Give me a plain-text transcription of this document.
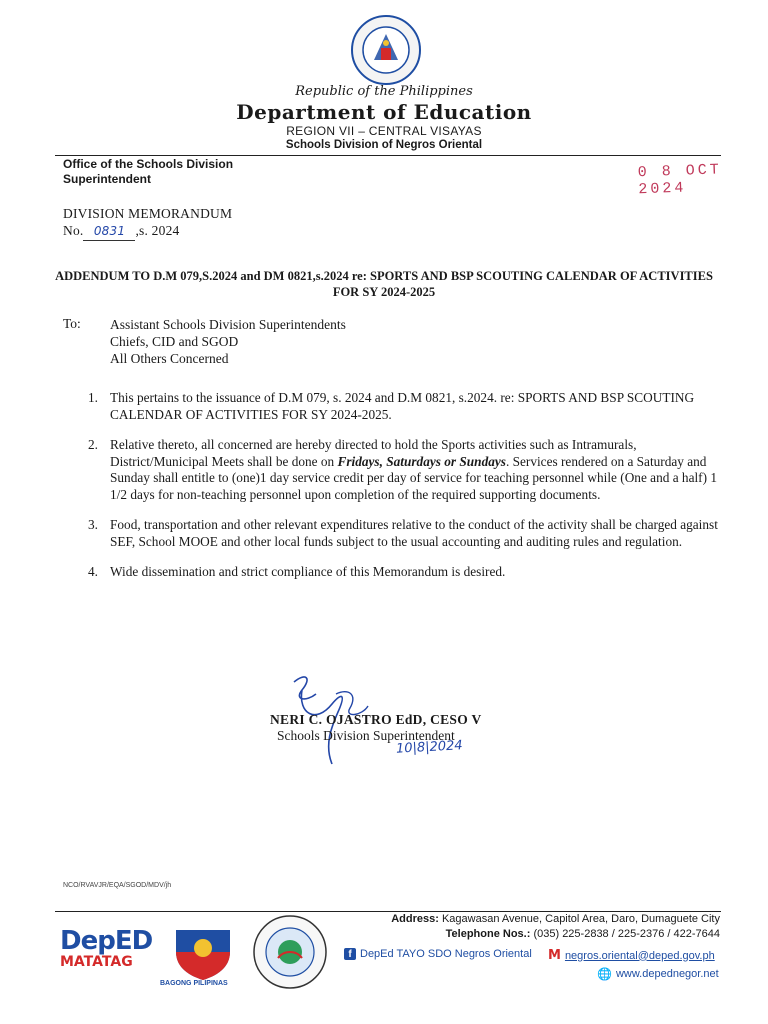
Republic of the Philippines
Department of Education
REGION VII – CENTRAL VISAYAS
Schools Division of Negros Oriental
Office of the Schools Division
Superintendent	0 8 OCT 2024
DIVISION MEMORANDUM
No. 0831 ,s. 2024
ADDENDUM TO D.M 079,S.2024 and DM 0821,s.2024 re: SPORTS AND BSP SCOUTING CALENDAR OF ACTIVITIES FOR SY 2024-2025
To: Assistant Schools Division Superintendents
Chiefs, CID and SGOD
All Others Concerned
1. This pertains to the issuance of D.M 079, s. 2024 and D.M 0821, s.2024. re: SPORTS AND BSP SCOUTING CALENDAR OF ACTIVITIES FOR SY 2024-2025.
2. Relative thereto, all concerned are hereby directed to hold the Sports activities such as Intramurals, District/Municipal Meets shall be done on Fridays, Saturdays or Sundays. Services rendered on a Saturday and Sunday shall entitle to (one)1 day service credit per day of service for teaching personnel while (One and a half) 1 1/2 days for non-teaching personnel upon completion of the required supporting documents.
3. Food, transportation and other relevant expenditures relative to the conduct of the activity shall be charged against SEF, School MOOE and other local funds subject to the usual accounting and auditing rules and regulation.
4. Wide dissemination and strict compliance of this Memorandum is desired.
NERI C. OJASTRO EdD, CESO V
Schools Division Superintendent
10|8|2024
NCO/RVAVJR/EQA/SGOD/MDV/jh
DepED
MATATAG
BAGONG PILIPINAS
Address: Kagawasan Avenue, Capitol Area, Daro, Dumaguete City
Telephone Nos.: (035) 225-2838 / 225-2376 / 422-7644
f DepEd TAYO SDO Negros Oriental M negros.oriental@deped.gov.ph
🌐 www.depednegor.net
